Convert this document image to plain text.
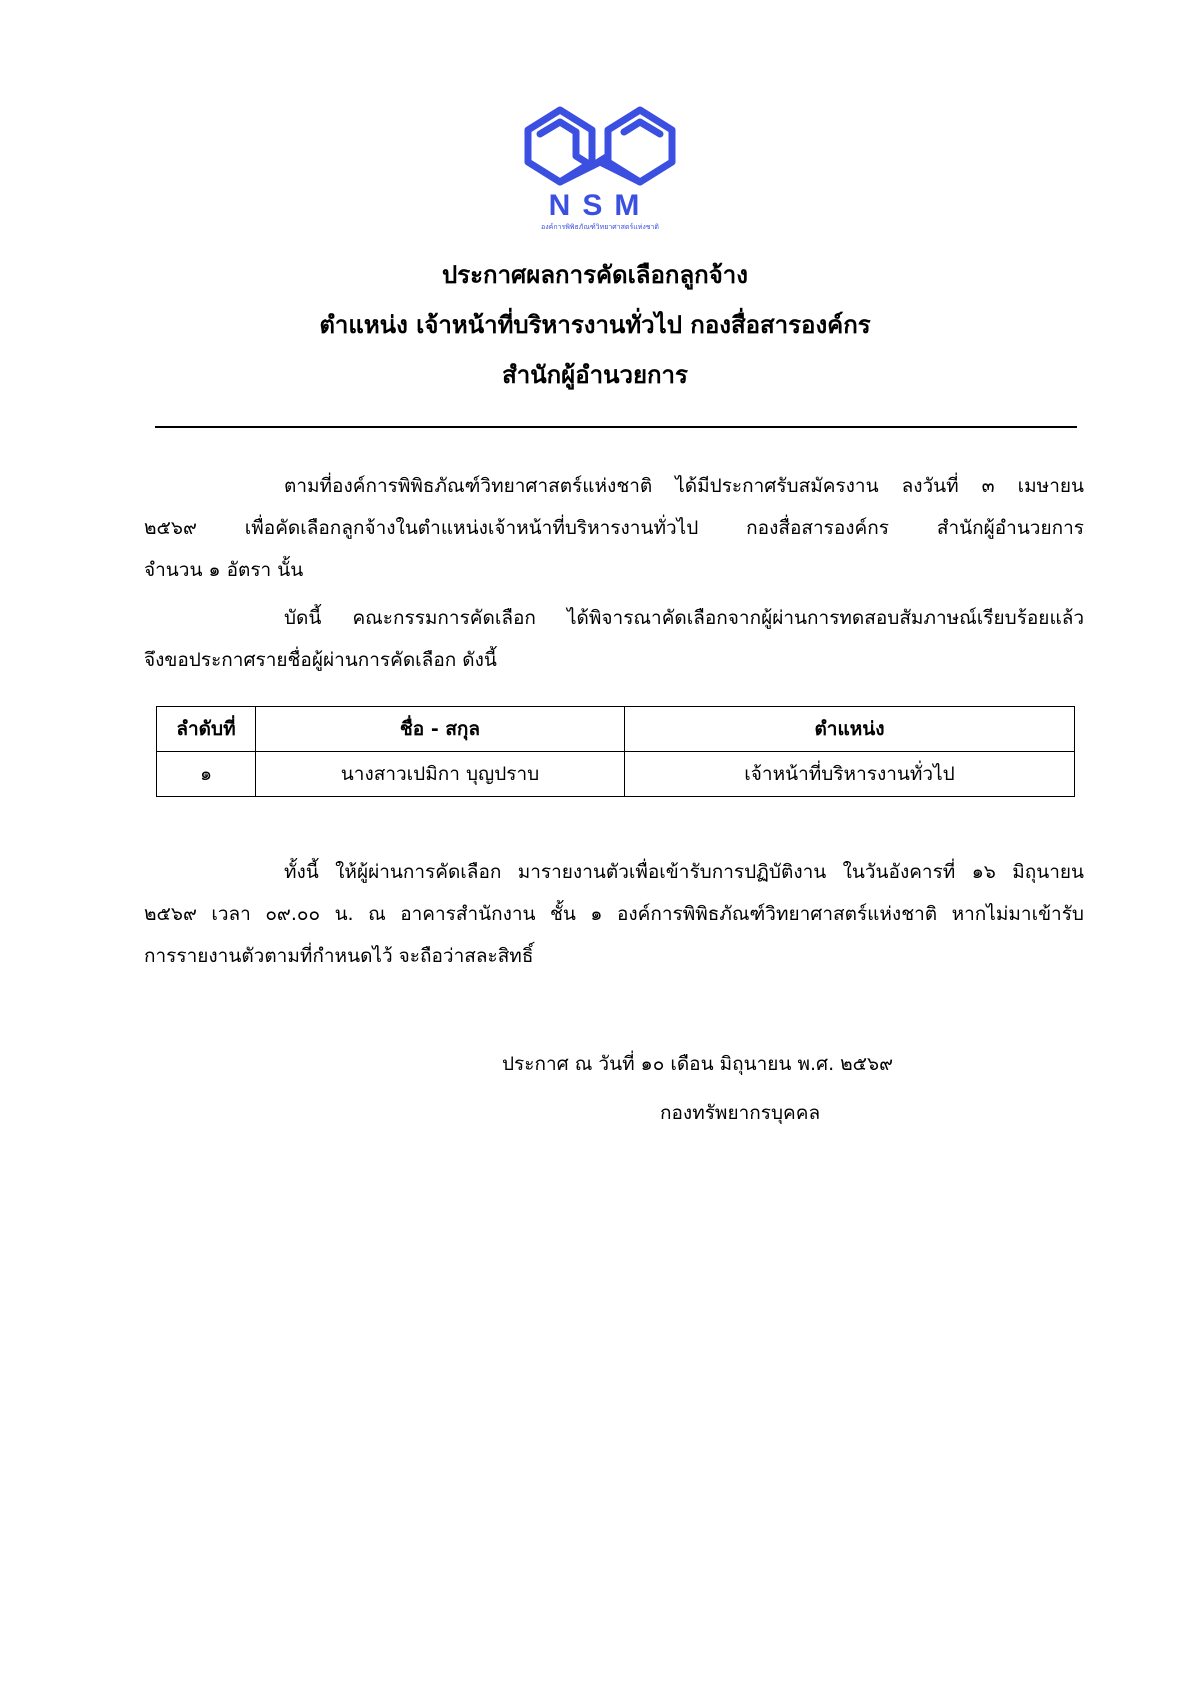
NSM
องค์การพิพิธภัณฑ์วิทยาศาสตร์แห่งชาติ
ประกาศผลการคัดเลือกลูกจ้าง
ตำแหน่ง เจ้าหน้าที่บริหารงานทั่วไป กองสื่อสารองค์กร
สำนักผู้อำนวยการ
ตามที่องค์การพิพิธภัณฑ์วิทยาศาสตร์แห่งชาติ ได้มีประกาศรับสมัครงาน ลงวันที่ ๓ เมษายน
๒๕๖๙ เพื่อคัดเลือกลูกจ้างในตำแหน่งเจ้าหน้าที่บริหารงานทั่วไป กองสื่อสารองค์กร สำนักผู้อำนวยการ
จำนวน ๑ อัตรา นั้น
บัดนี้ คณะกรรมการคัดเลือก ได้พิจารณาคัดเลือกจากผู้ผ่านการทดสอบสัมภาษณ์เรียบร้อยแล้ว
จึงขอประกาศรายชื่อผู้ผ่านการคัดเลือก ดังนี้
ลำดับที่	ชื่อ - สกุล	ตำแหน่ง
๑	นางสาวเปมิกา บุญปราบ	เจ้าหน้าที่บริหารงานทั่วไป
ทั้งนี้ ให้ผู้ผ่านการคัดเลือก มารายงานตัวเพื่อเข้ารับการปฏิบัติงาน ในวันอังคารที่ ๑๖ มิถุนายน
๒๕๖๙ เวลา ๐๙.๐๐ น. ณ อาคารสำนักงาน ชั้น ๑ องค์การพิพิธภัณฑ์วิทยาศาสตร์แห่งชาติ หากไม่มาเข้ารับ
การรายงานตัวตามที่กำหนดไว้ จะถือว่าสละสิทธิ์
ประกาศ ณ วันที่ ๑๐ เดือน มิถุนายน พ.ศ. ๒๕๖๙
กองทรัพยากรบุคคล
